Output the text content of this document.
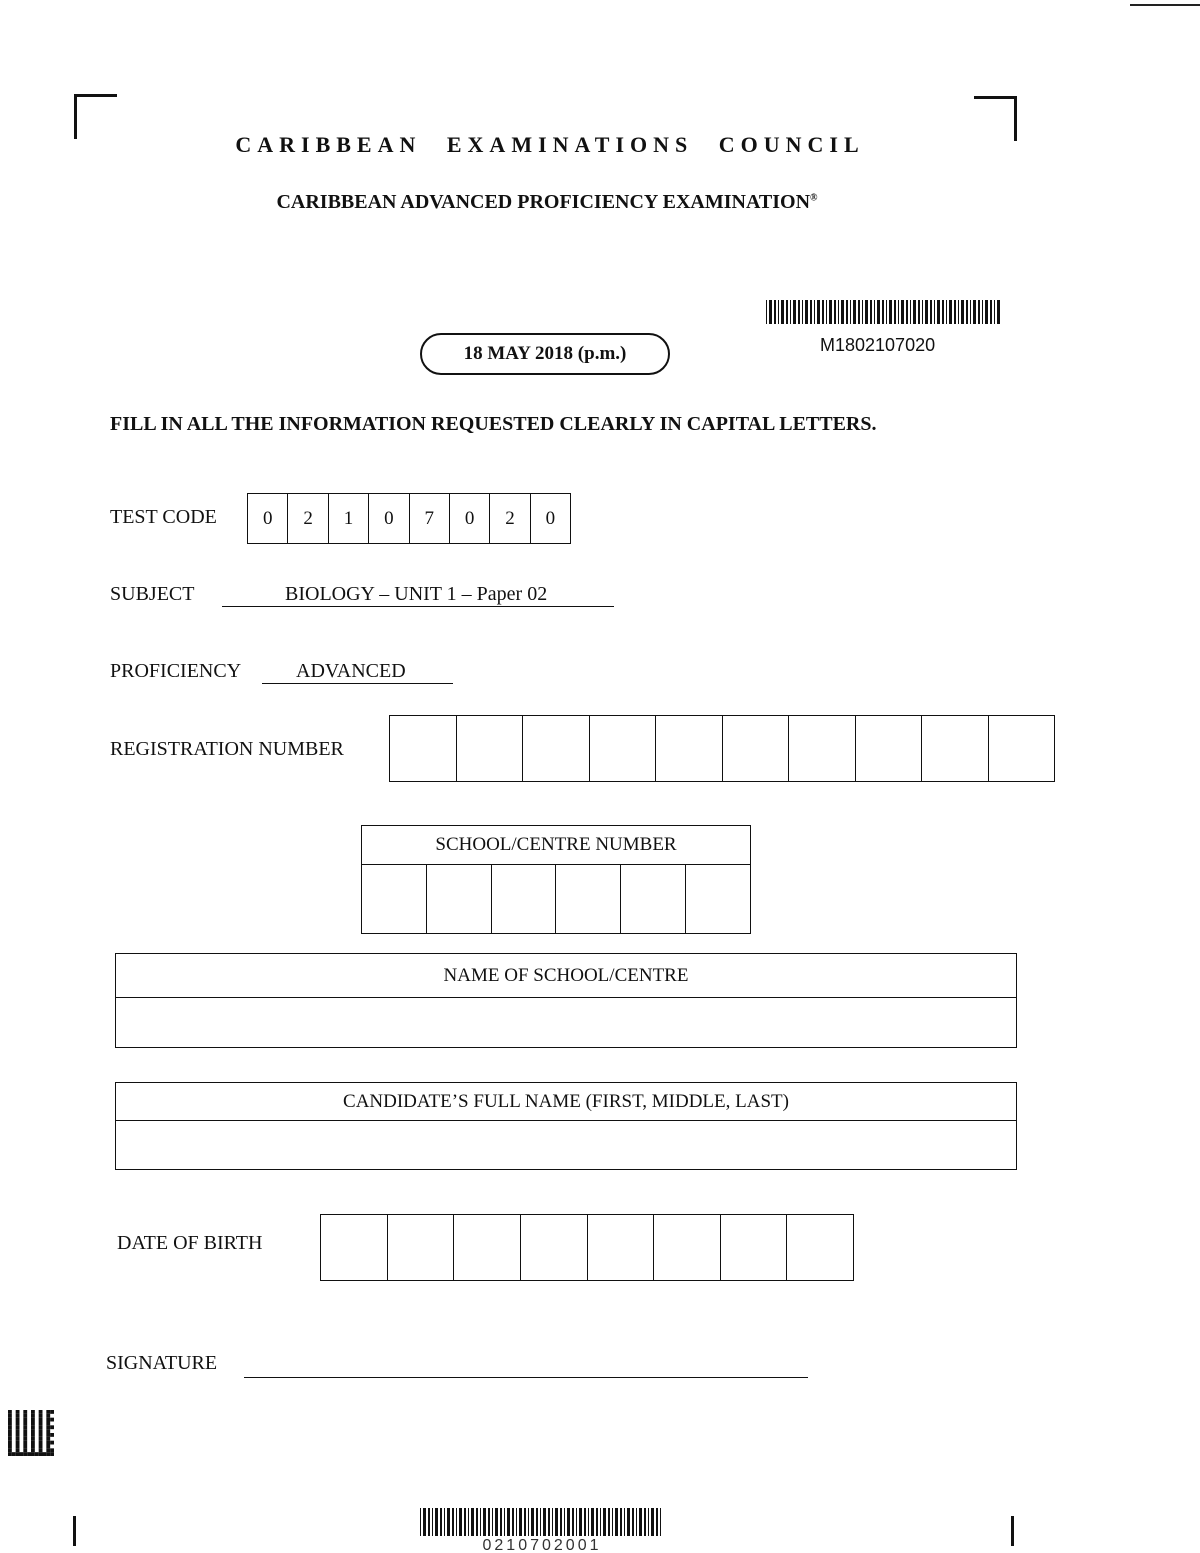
CARIBBEAN EXAMINATIONS COUNCIL
CARIBBEAN ADVANCED PROFICIENCY EXAMINATION®
M1802107020
18 MAY 2018 (p.m.)
FILL IN ALL THE INFORMATION REQUESTED CLEARLY IN CAPITAL LETTERS.
TEST CODE	0	2	1	0	7	0	2	0
SUBJECT	BIOLOGY – UNIT 1 – Paper 02
PROFICIENCY	ADVANCED
REGISTRATION NUMBER
SCHOOL/CENTRE NUMBER
NAME OF SCHOOL/CENTRE
CANDIDATE’S FULL NAME (FIRST, MIDDLE, LAST)
DATE OF BIRTH
SIGNATURE
0210702001
